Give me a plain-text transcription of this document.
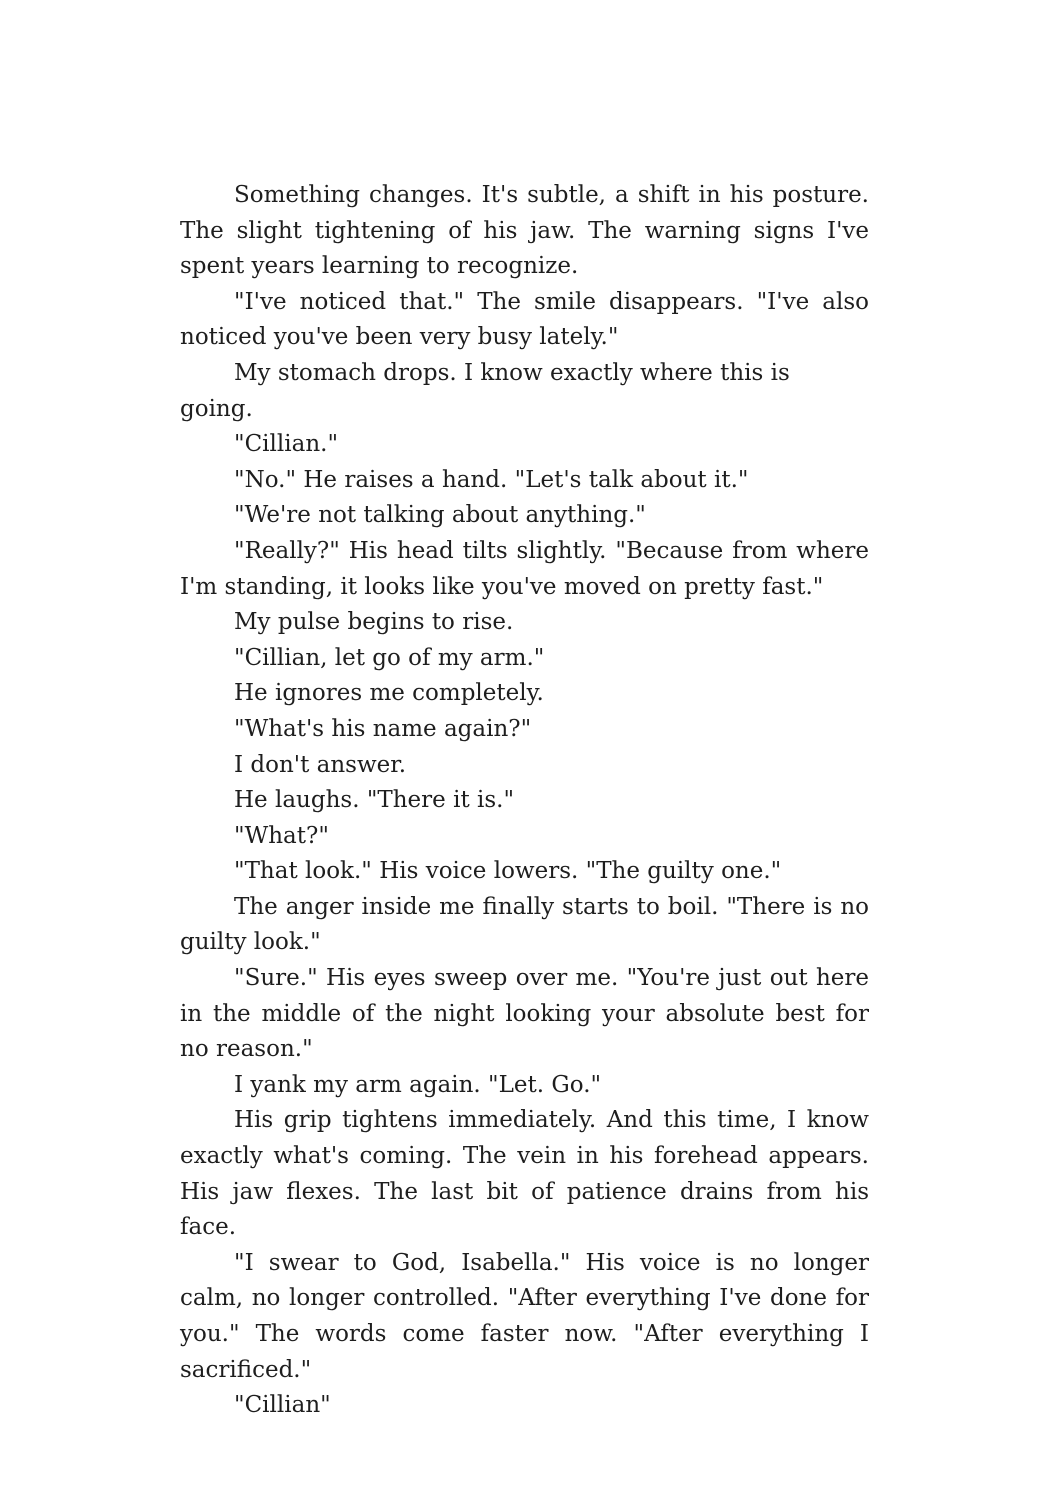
Something changes. It's subtle, a shift in his posture. The slight tightening of his jaw. The warning signs I've spent years learning to recognize.

"I've noticed that." The smile disappears. "I've also noticed you've been very busy lately."

My stomach drops. I know exactly where this is going.

"Cillian."

"No." He raises a hand. "Let's talk about it."

"We're not talking about anything."

"Really?" His head tilts slightly. "Because from where I'm standing, it looks like you've moved on pretty fast."

My pulse begins to rise.

"Cillian, let go of my arm."

He ignores me completely.

"What's his name again?"

I don't answer.

He laughs. "There it is."

"What?"

"That look." His voice lowers. "The guilty one."

The anger inside me finally starts to boil. "There is no guilty look."

"Sure." His eyes sweep over me. "You're just out here in the middle of the night looking your absolute best for no reason."

I yank my arm again. "Let. Go."

His grip tightens immediately. And this time, I know exactly what's coming. The vein in his forehead appears. His jaw flexes. The last bit of patience drains from his face.

"I swear to God, Isabella." His voice is no longer calm, no longer controlled. "After everything I've done for you." The words come faster now. "After everything I sacrificed."

"Cillian"
